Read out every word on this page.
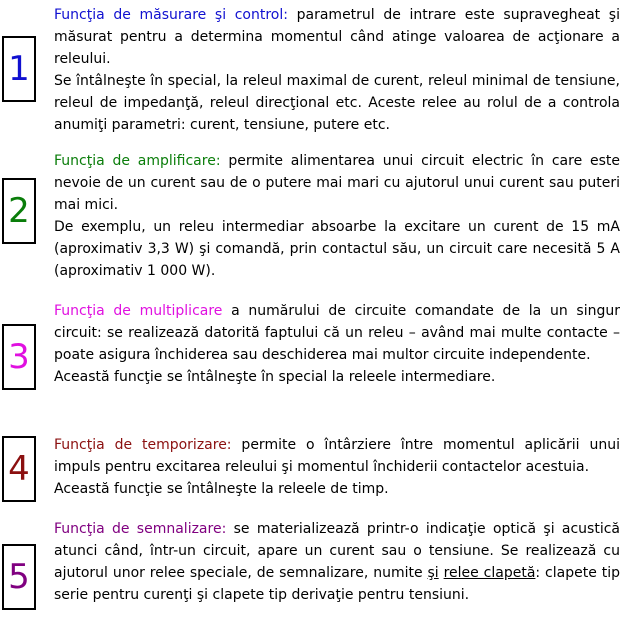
1

Funcţia de măsurare şi control: parametrul de intrare este supravegheat şi măsurat pentru a determina momentul când atinge valoarea de acţionare a releului.

Se întâlneşte în special, la releul maximal de curent, releul minimal de tensiune, releul de impedanţă, releul direcţional etc. Aceste relee au rolul de a controla anumiţi parametri: curent, tensiune, putere etc.

2

Funcţia de amplificare: permite alimentarea unui circuit electric în care este nevoie de un curent sau de o putere mai mari cu ajutorul unui curent sau puteri mai mici.

De exemplu, un releu intermediar absoarbe la excitare un curent de 15 mA (aproximativ 3,3 W) şi comandă, prin contactul său, un circuit care necesită 5 A (aproximativ 1 000 W).

3

Funcţia de multiplicare a numărului de circuite comandate de la un singur circuit: se realizează datorită faptului că un releu – având mai multe contacte – poate asigura închiderea sau deschiderea mai multor circuite independente.

Această funcţie se întâlneşte în special la releele intermediare.

4

Funcţia de temporizare: permite o întârziere între momentul aplicării unui impuls pentru excitarea releului şi momentul închiderii contactelor acestuia.

Această funcţie se întâlneşte la releele de timp.

5

Funcţia de semnalizare: se materializează printr-o indicaţie optică şi acustică atunci când, într-un circuit, apare un curent sau o tensiune. Se realizează cu ajutorul unor relee speciale, de semnalizare, numite şi relee clapetă: clapete tip serie pentru curenţi şi clapete tip derivaţie pentru tensiuni.
